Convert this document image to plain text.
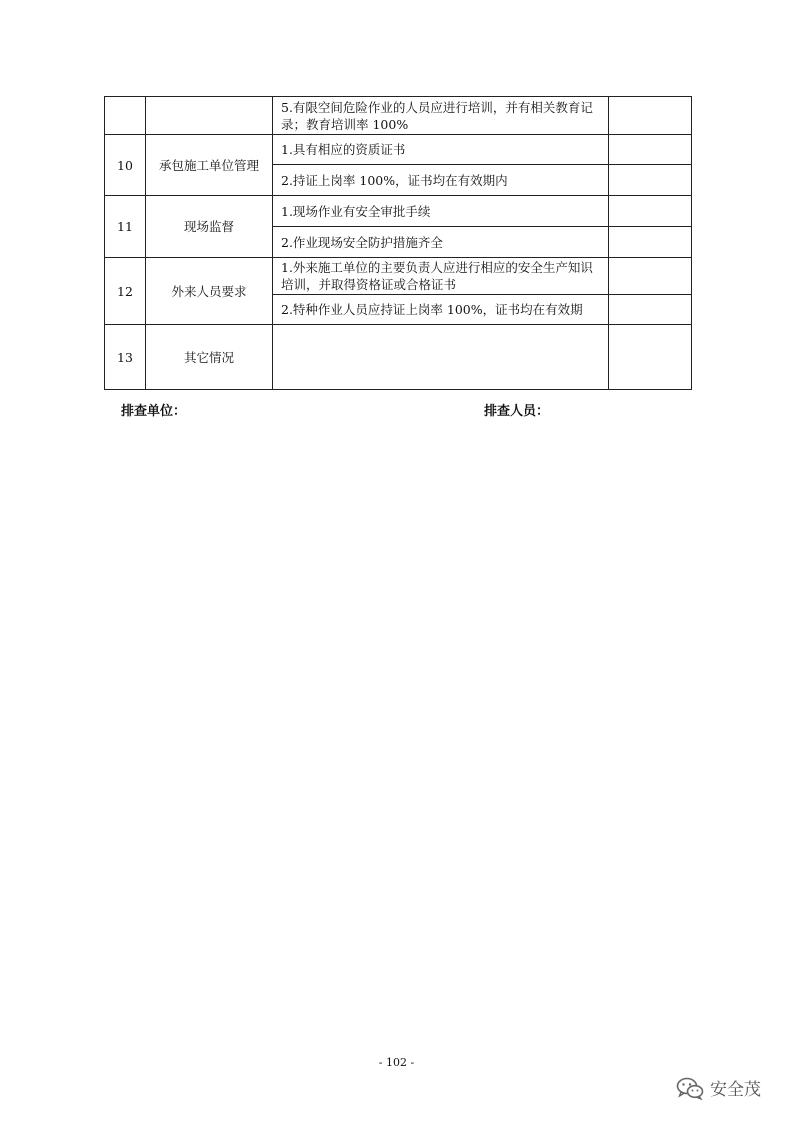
		5.有限空间危险作业的人员应进行培训，并有相关教育记录；教育培训率 100%	
10	承包施工单位管理	1.具有相应的资质证书	
		2.持证上岗率 100%，证书均在有效期内	
11	现场监督	1.现场作业有安全审批手续	
		2.作业现场安全防护措施齐全	
12	外来人员要求	1.外来施工单位的主要负责人应进行相应的安全生产知识培训，并取得资格证或合格证书	
		2.特种作业人员应持证上岗率 100%，证书均在有效期	
13	其它情况		
排查单位：	排查人员：
- 102 -
安全茂
